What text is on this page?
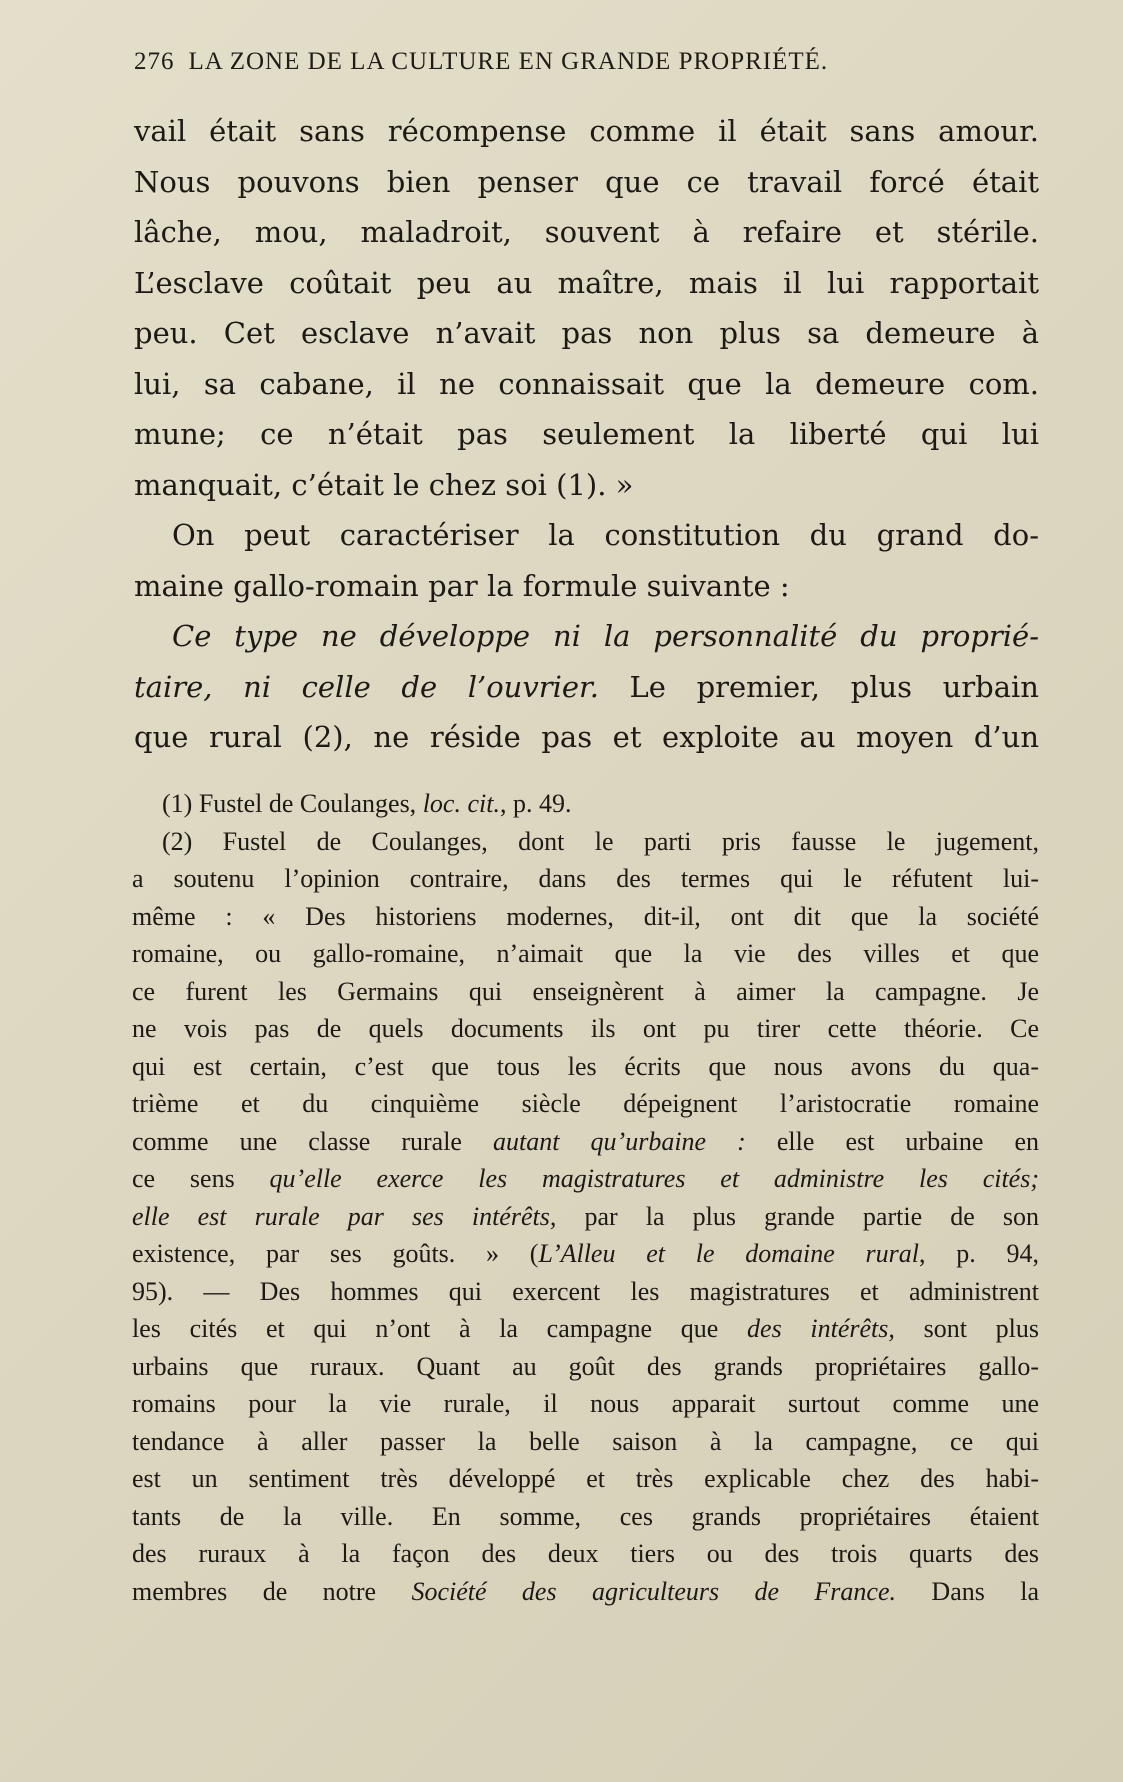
276 LA ZONE DE LA CULTURE EN GRANDE PROPRIÉTÉ.
vail était sans récompense comme il était sans amour.
Nous pouvons bien penser que ce travail forcé était
lâche, mou, maladroit, souvent à refaire et stérile.
L’esclave coûtait peu au maître, mais il lui rapportait
peu. Cet esclave n’avait pas non plus sa demeure à
lui, sa cabane, il ne connaissait que la demeure com.
mune; ce n’était pas seulement la liberté qui lui
manquait, c’était le chez soi (1). »
On peut caractériser la constitution du grand do-
maine gallo-romain par la formule suivante :
Ce type ne développe ni la personnalité du proprié-
taire, ni celle de l’ouvrier. Le premier, plus urbain
que rural (2), ne réside pas et exploite au moyen d’un
(1) Fustel de Coulanges, loc. cit., p. 49.
(2) Fustel de Coulanges, dont le parti pris fausse le jugement,
a soutenu l’opinion contraire, dans des termes qui le réfutent lui-
même : « Des historiens modernes, dit-il, ont dit que la société
romaine, ou gallo-romaine, n’aimait que la vie des villes et que
ce furent les Germains qui enseignèrent à aimer la campagne. Je
ne vois pas de quels documents ils ont pu tirer cette théorie. Ce
qui est certain, c’est que tous les écrits que nous avons du qua-
trième et du cinquième siècle dépeignent l’aristocratie romaine
comme une classe rurale autant qu’urbaine : elle est urbaine en
ce sens qu’elle exerce les magistratures et administre les cités;
elle est rurale par ses intérêts, par la plus grande partie de son
existence, par ses goûts. » (L’Alleu et le domaine rural, p. 94,
95). — Des hommes qui exercent les magistratures et administrent
les cités et qui n’ont à la campagne que des intérêts, sont plus
urbains que ruraux. Quant au goût des grands propriétaires gallo-
romains pour la vie rurale, il nous apparait surtout comme une
tendance à aller passer la belle saison à la campagne, ce qui
est un sentiment très développé et très explicable chez des habi-
tants de la ville. En somme, ces grands propriétaires étaient
des ruraux à la façon des deux tiers ou des trois quarts des
membres de notre Société des agriculteurs de France. Dans la
